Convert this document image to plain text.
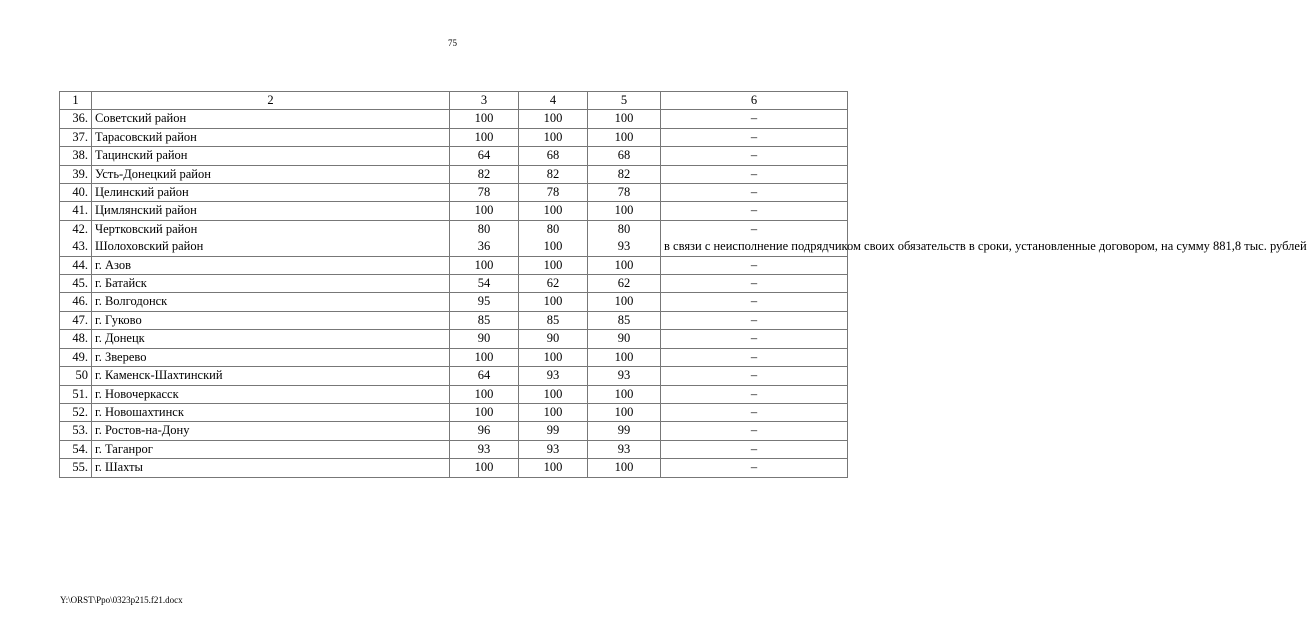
75
1	2	3	4	5	6
36.	Советский район	100	100	100	–
37.	Тарасовский район	100	100	100	–
38.	Тацинский район	64	68	68	–
39.	Усть-Донецкий район	82	82	82	–
40.	Целинский район	78	78	78	–
41.	Цимлянский район	100	100	100	–
42.	Чертковский район	80	80	80	–
43.	Шолоховский район	36	100	93	в связи с неисполнение подрядчиком своих обязательств в сроки, установленные договором, на сумму 881,8 тыс. рублей
44.	г. Азов	100	100	100	–
45.	г. Батайск	54	62	62	–
46.	г. Волгодонск	95	100	100	–
47.	г. Гуково	85	85	85	–
48.	г. Донецк	90	90	90	–
49.	г. Зверево	100	100	100	–
50	г. Каменск-Шахтинский	64	93	93	–
51.	г. Новочеркасск	100	100	100	–
52.	г. Новошахтинск	100	100	100	–
53.	г. Ростов-на-Дону	96	99	99	–
54.	г. Таганрог	93	93	93	–
55.	г. Шахты	100	100	100	–
Y:\ORST\Ppo\0323p215.f21.docx
